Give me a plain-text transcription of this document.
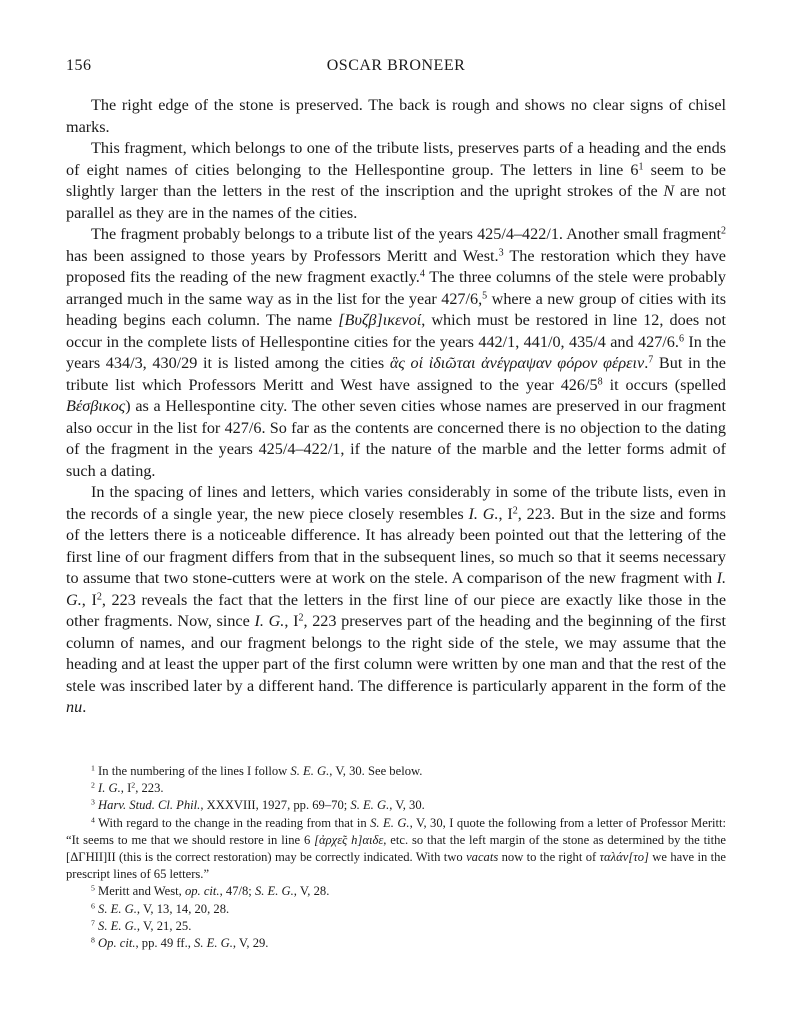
156	OSCAR BRONEER

The right edge of the stone is preserved. The back is rough and shows no clear signs of chisel marks.

This fragment, which belongs to one of the tribute lists, preserves parts of a heading and the ends of eight names of cities belonging to the Hellespontine group. The letters in line $6^1$ seem to be slightly larger than the letters in the rest of the inscription and the upright strokes of the N are not parallel as they are in the names of the cities.

The fragment probably belongs to a tribute list of the years 425/4–422/1. Another small fragment$^2$ has been assigned to those years by Professors Meritt and West.$^3$ The restoration which they have proposed fits the reading of the new fragment exactly.$^4$ The three columns of the stele were probably arranged much in the same way as in the list for the year 427/6,$^5$ where a new group of cities with its heading begins each column. The name [Βυζβ]ικενοί, which must be restored in line 12, does not occur in the complete lists of Hellespontine cities for the years 442/1, 441/0, 435/4 and 427/6.$^6$ In the years 434/3, 430/29 it is listed among the cities ἃς οἱ ἰδιῶται ἀνέγραψαν φόρον φέρειν.$^7$ But in the tribute list which Professors Meritt and West have assigned to the year $426/5^8$ it occurs (spelled Βέσβικος) as a Hellespontine city. The other seven cities whose names are preserved in our fragment also occur in the list for 427/6. So far as the contents are concerned there is no objection to the dating of the fragment in the years 425/4–422/1, if the nature of the marble and the letter forms admit of such a dating.

In the spacing of lines and letters, which varies considerably in some of the tribute lists, even in the records of a single year, the new piece closely resembles I. G., $I^2$, 223. But in the size and forms of the letters there is a noticeable difference. It has already been pointed out that the lettering of the first line of our fragment differs from that in the subsequent lines, so much so that it seems necessary to assume that two stone-cutters were at work on the stele. A comparison of the new fragment with I. G., $I^2$, 223 reveals the fact that the letters in the first line of our piece are exactly like those in the other fragments. Now, since I. G., $I^2$, 223 preserves part of the heading and the beginning of the first column of names, and our fragment belongs to the right side of the stele, we may assume that the heading and at least the upper part of the first column were written by one man and that the rest of the stele was inscribed later by a different hand. The difference is particularly apparent in the form of the nu.

$^1$ In the numbering of the lines I follow S. E. G., V, 30. See below.

$^2$ I. G., $I^2$, 223.

$^3$ Harv. Stud. Cl. Phil., XXXVIII, 1927, pp. 69–70; S. E. G., V, 30.

$^4$ With regard to the change in the reading from that in S. E. G., V, 30, I quote the following from a letter of Professor Meritt: “It seems to me that we should restore in line 6 [ἀρχε̃ς h]αιδε, etc. so that the left margin of the stone as determined by the tithe [ΔΓΗΙΙ]ΙΙ (this is the correct restoration) may be correctly indicated. With two vacats now to the right of ταλάν[το] we have in the prescript lines of 65 letters.”

$^5$ Meritt and West, op. cit., 47/8; S. E. G., V, 28.

$^6$ S. E. G., V, 13, 14, 20, 28.

$^7$ S. E. G., V, 21, 25.

$^8$ Op. cit., pp. 49 ff., S. E. G., V, 29.
